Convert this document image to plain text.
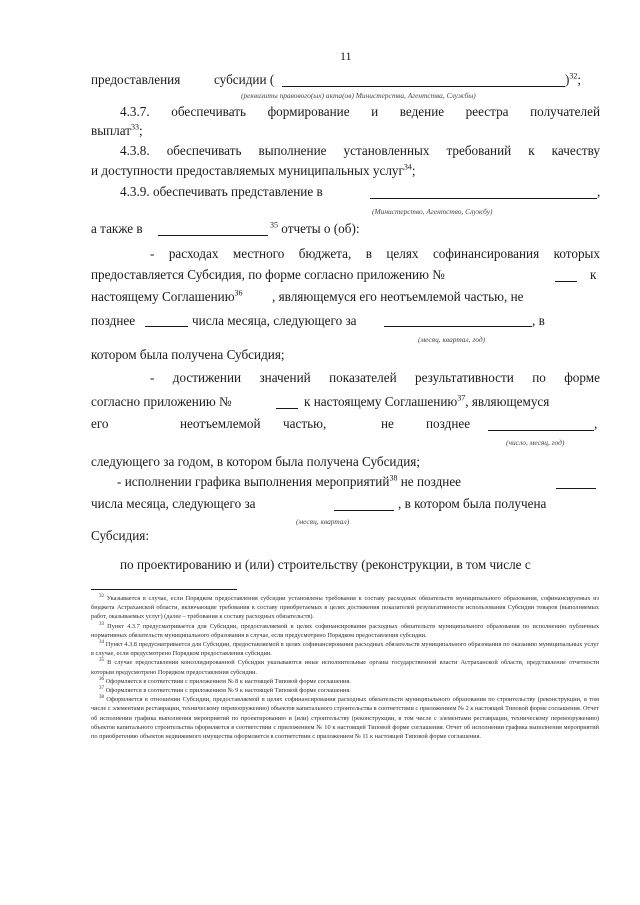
11
предоставления	субсидии (	)$^{32}$;
(реквизиты правового(ых) акта(ов) Министерства, Агентства, Службы)
4.3.7. обеспечивать формирование и ведение реестра получателей
выплат$^{33}$;
4.3.8. обеспечивать выполнение установленных требований к качеству
и доступности предоставляемых муниципальных услуг$^{34}$;
4.3.9. обеспечивать представление в	,
(Министерство, Агентство, Службу)
а также в	$^{35}$ отчеты о (об):
- расходах местного бюджета, в целях софинансирования которых
предоставляется Субсидия, по форме согласно приложению №	к
настоящему Соглашению$^{36}$ , являющемуся его неотъемлемой частью, не
позднее	числа месяца, следующего за	, в
(месяц, квартал, год)
котором была получена Субсидия;
- достижении значений показателей результативности по форме
согласно приложению №	к настоящему Соглашению$^{37}$, являющемуся
его	неотъемлемой частью,	не позднее	,
(число, месяц, год)
следующего за годом, в котором была получена Субсидия;
- исполнении графика выполнения мероприятий$^{38}$ не позднее
числа месяца, следующего за	, в котором была получена
(месяц, квартал)
Субсидия:
по проектированию и (или) строительству (реконструкции, в том числе с
$^{32}$ Указывается в случае, если Порядком предоставления субсидии установлены требования к составу расходных обязательств муниципального образования, софинансируемых из бюджета Астраханской области, включающие требования к составу приобретаемых в целях достижения показателей результативности использования Субсидии товаров (выполняемых работ, оказываемых услуг) (далее – требования к составу расходных обязательств).
$^{33}$ Пункт 4.3.7 предусматривается для Субсидии, предоставляемой в целях софинансирования расходных обязательств муниципального образования по исполнению публичных нормативных обязательств муниципального образования в случае, если предусмотрено Порядком предоставления субсидии.
$^{34}$ Пункт 4.3.8 предусматривается для Субсидии, предоставляемой в целях софинансирования расходных обязательств муниципального образования по оказанию муниципальных услуг в случае, если предусмотрено Порядком предоставления субсидии.
$^{35}$ В случае предоставления консолидированной Субсидии указываются иные исполнительные органы государственной власти Астраханской области, представление отчетности которым предусмотрено Порядком предоставления субсидии.
$^{36}$ Оформляется в соответствии с приложением № 8 к настоящей Типовой форме соглашения.
$^{37}$ Оформляется в соответствии с приложением № 9 к настоящей Типовой форме соглашения.
$^{38}$ Оформляется в отношении Субсидии, предоставляемой в целях софинансирования расходных обязательств муниципального образования по строительству (реконструкции, в том числе с элементами реставрации, техническому перевооружению) объектов капитального строительства в соответствии с приложением № 2 к настоящей Типовой форме соглашения. Отчет об исполнении графика выполнения мероприятий по проектированию и (или) строительству (реконструкции, в том числе с элементами реставрации, техническому перевооружению) объектов капитального строительства оформляется в соответствии с приложением № 10 к настоящей Типовой форме соглашения. Отчет об исполнении графика выполнения мероприятий по приобретению объектов недвижимого имущества оформляется в соответствии с приложением № 11 к настоящей Типовой форме соглашения.
